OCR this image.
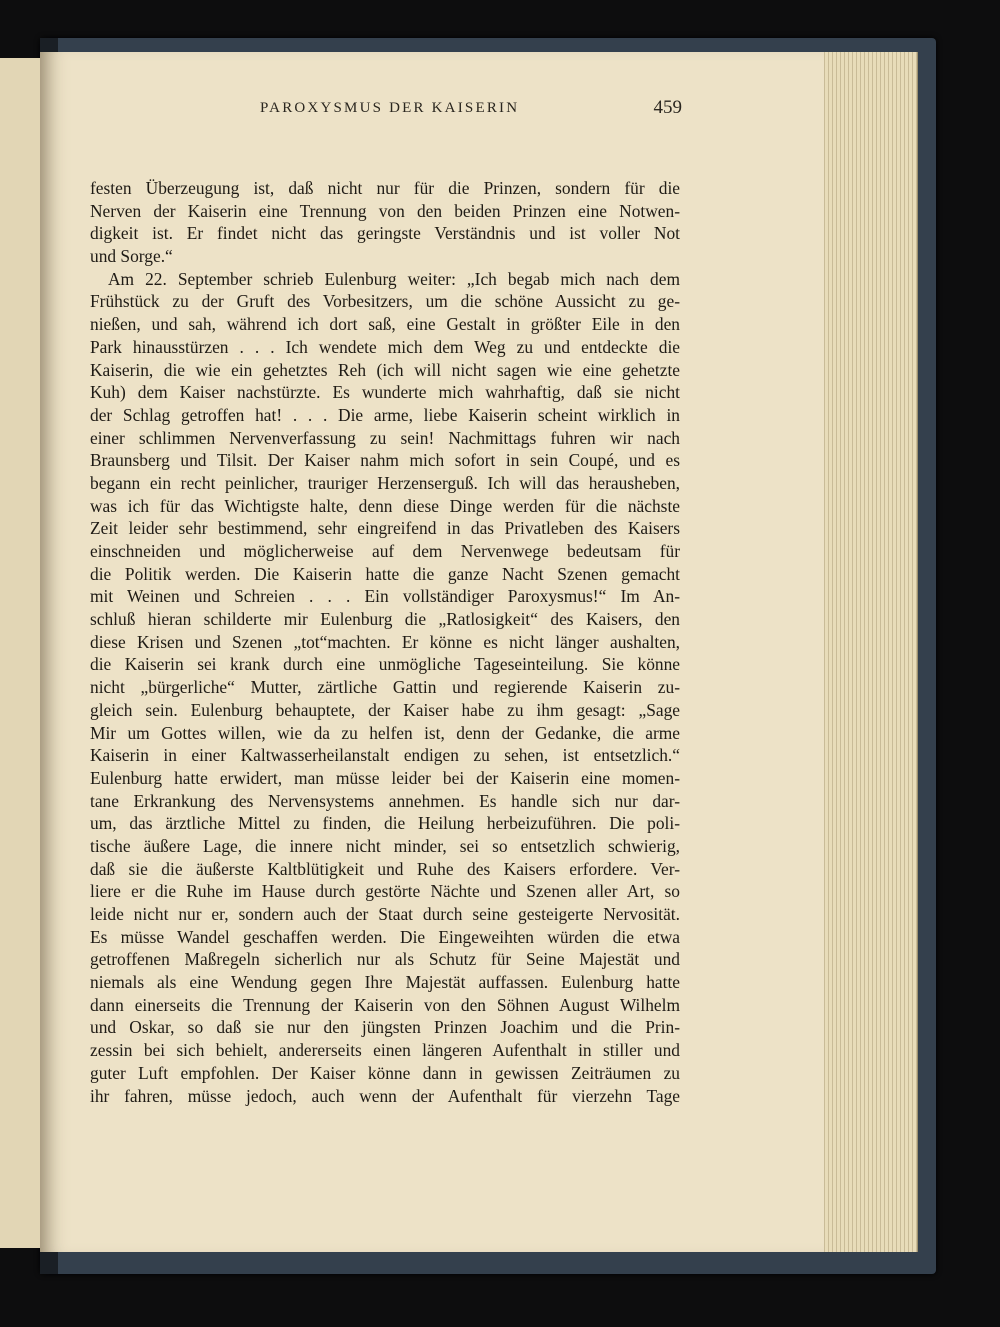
PAROXYSMUS DER KAISERIN	459
festen Überzeugung ist, daß nicht nur für die Prinzen, sondern für die
Nerven der Kaiserin eine Trennung von den beiden Prinzen eine Notwen-
digkeit ist. Er findet nicht das geringste Verständnis und ist voller Not
und Sorge.“
Am 22. September schrieb Eulenburg weiter: „Ich begab mich nach dem
Frühstück zu der Gruft des Vorbesitzers, um die schöne Aussicht zu ge-
nießen, und sah, während ich dort saß, eine Gestalt in größter Eile in den
Park hinausstürzen . . . Ich wendete mich dem Weg zu und entdeckte die
Kaiserin, die wie ein gehetztes Reh (ich will nicht sagen wie eine gehetzte
Kuh) dem Kaiser nachstürzte. Es wunderte mich wahrhaftig, daß sie nicht
der Schlag getroffen hat! . . . Die arme, liebe Kaiserin scheint wirklich in
einer schlimmen Nervenverfassung zu sein! Nachmittags fuhren wir nach
Braunsberg und Tilsit. Der Kaiser nahm mich sofort in sein Coupé, und es
begann ein recht peinlicher, trauriger Herzenserguß. Ich will das herausheben,
was ich für das Wichtigste halte, denn diese Dinge werden für die nächste
Zeit leider sehr bestimmend, sehr eingreifend in das Privatleben des Kaisers
einschneiden und möglicherweise auf dem Nervenwege bedeutsam für
die Politik werden. Die Kaiserin hatte die ganze Nacht Szenen gemacht
mit Weinen und Schreien . . . Ein vollständiger Paroxysmus!“ Im An-
schluß hieran schilderte mir Eulenburg die „Ratlosigkeit“ des Kaisers, den
diese Krisen und Szenen „tot“machten. Er könne es nicht länger aushalten,
die Kaiserin sei krank durch eine unmögliche Tageseinteilung. Sie könne
nicht „bürgerliche“ Mutter, zärtliche Gattin und regierende Kaiserin zu-
gleich sein. Eulenburg behauptete, der Kaiser habe zu ihm gesagt: „Sage
Mir um Gottes willen, wie da zu helfen ist, denn der Gedanke, die arme
Kaiserin in einer Kaltwasserheilanstalt endigen zu sehen, ist entsetzlich.“
Eulenburg hatte erwidert, man müsse leider bei der Kaiserin eine momen-
tane Erkrankung des Nervensystems annehmen. Es handle sich nur dar-
um, das ärztliche Mittel zu finden, die Heilung herbeizuführen. Die poli-
tische äußere Lage, die innere nicht minder, sei so entsetzlich schwierig,
daß sie die äußerste Kaltblütigkeit und Ruhe des Kaisers erfordere. Ver-
liere er die Ruhe im Hause durch gestörte Nächte und Szenen aller Art, so
leide nicht nur er, sondern auch der Staat durch seine gesteigerte Nervosität.
Es müsse Wandel geschaffen werden. Die Eingeweihten würden die etwa
getroffenen Maßregeln sicherlich nur als Schutz für Seine Majestät und
niemals als eine Wendung gegen Ihre Majestät auffassen. Eulenburg hatte
dann einerseits die Trennung der Kaiserin von den Söhnen August Wilhelm
und Oskar, so daß sie nur den jüngsten Prinzen Joachim und die Prin-
zessin bei sich behielt, andererseits einen längeren Aufenthalt in stiller und
guter Luft empfohlen. Der Kaiser könne dann in gewissen Zeiträumen zu
ihr fahren, müsse jedoch, auch wenn der Aufenthalt für vierzehn Tage
